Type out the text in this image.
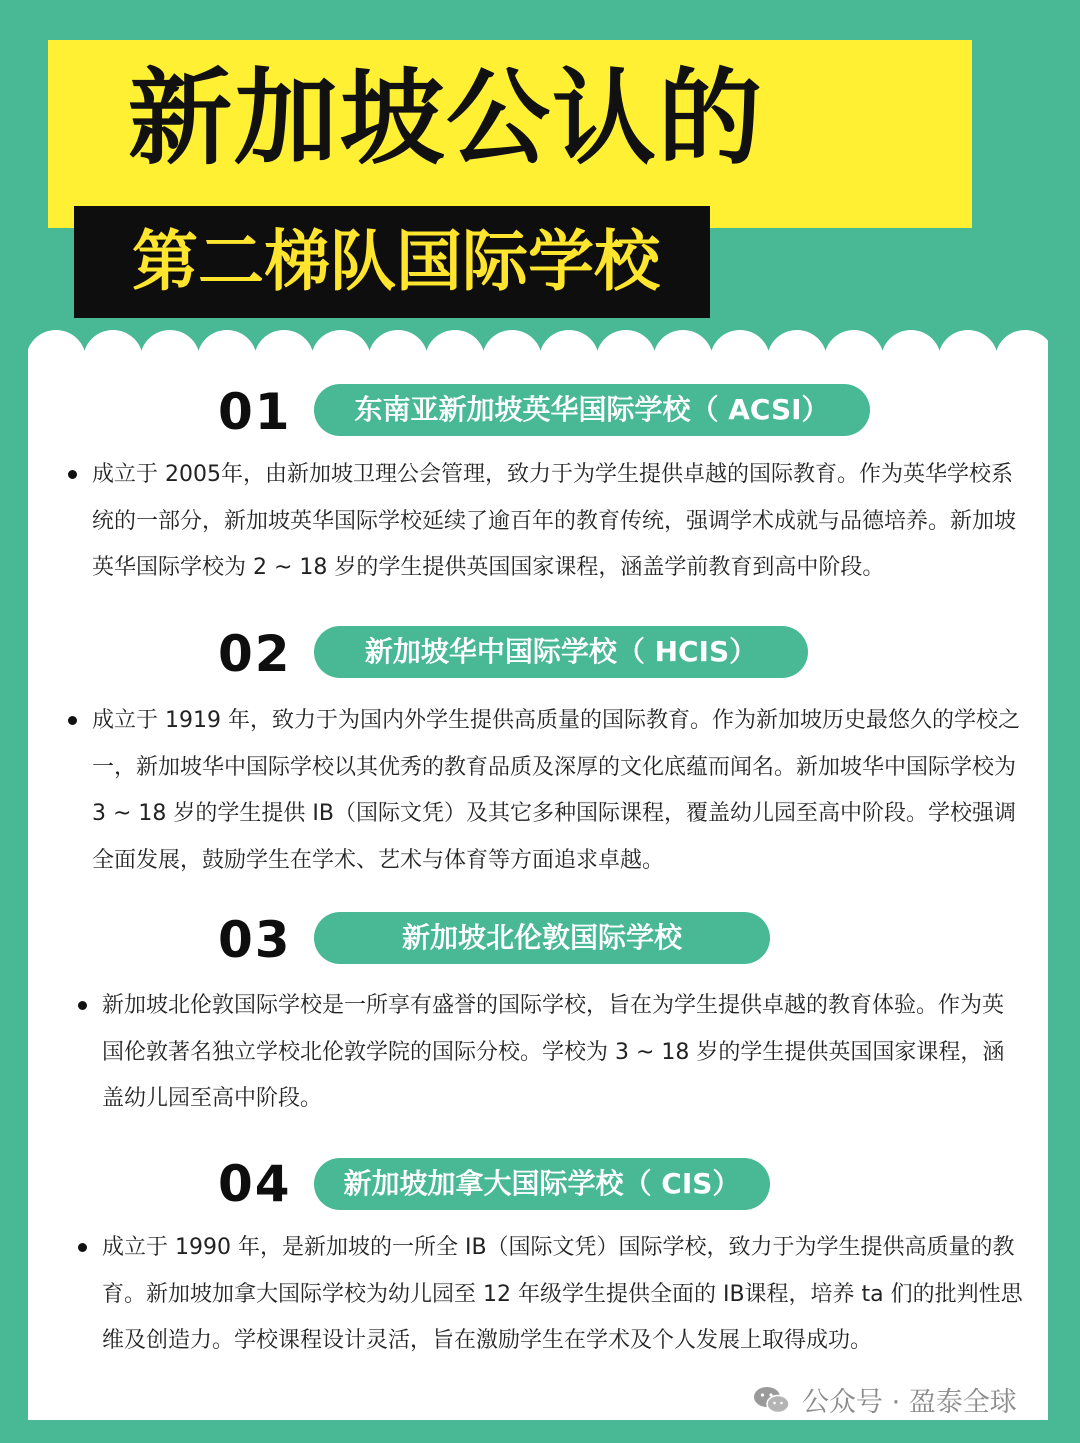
新加坡公认的
第二梯队国际学校
01	东南亚新加坡英华国际学校（ ACSI）
成立于 2005年，由新加坡卫理公会管理，致力于为学生提供卓越的国际教育。作为英华学校系统的一部分，新加坡英华国际学校延续了逾百年的教育传统，强调学术成就与品德培养。新加坡英华国际学校为 2 ~ 18 岁的学生提供英国国家课程，涵盖学前教育到高中阶段。
02	新加坡华中国际学校（ HCIS）
成立于 1919 年，致力于为国内外学生提供高质量的国际教育。作为新加坡历史最悠久的学校之一，新加坡华中国际学校以其优秀的教育品质及深厚的文化底蕴而闻名。新加坡华中国际学校为 3 ~ 18 岁的学生提供 IB（国际文凭）及其它多种国际课程，覆盖幼儿园至高中阶段。学校强调全面发展，鼓励学生在学术、艺术与体育等方面追求卓越。
03	新加坡北伦敦国际学校
新加坡北伦敦国际学校是一所享有盛誉的国际学校，旨在为学生提供卓越的教育体验。作为英国伦敦著名独立学校北伦敦学院的国际分校。学校为 3 ~ 18 岁的学生提供英国国家课程，涵盖幼儿园至高中阶段。
04	新加坡加拿大国际学校（ CIS）
成立于 1990 年，是新加坡的一所全 IB（国际文凭）国际学校，致力于为学生提供高质量的教育。新加坡加拿大国际学校为幼儿园至 12 年级学生提供全面的 IB课程，培养 ta 们的批判性思维及创造力。学校课程设计灵活，旨在激励学生在学术及个人发展上取得成功。
公众号 · 盈泰全球
